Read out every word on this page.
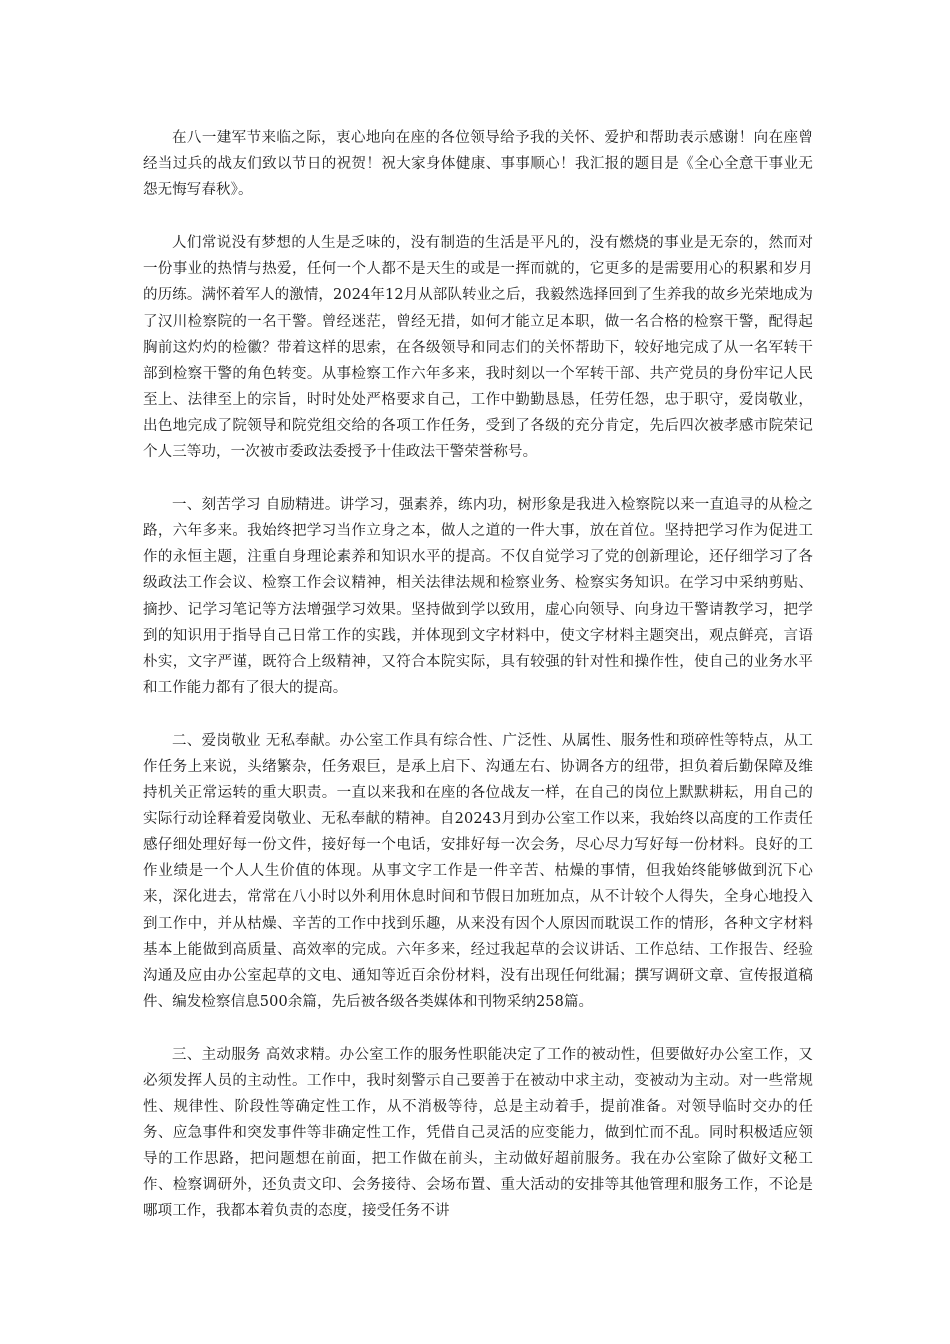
在八一建军节来临之际，衷心地向在座的各位领导给予我的关怀、爱护和帮助表示感谢！向在座曾经当过兵的战友们致以节日的祝贺！祝大家身体健康、事事顺心！我汇报的题目是《全心全意干事业无怨无悔写春秋》。

人们常说没有梦想的人生是乏味的，没有制造的生活是平凡的，没有燃烧的事业是无奈的，然而对一份事业的热情与热爱，任何一个人都不是天生的或是一挥而就的，它更多的是需要用心的积累和岁月的历练。满怀着军人的激情，2024年12月从部队转业之后，我毅然选择回到了生养我的故乡光荣地成为了汉川检察院的一名干警。曾经迷茫，曾经无措，如何才能立足本职，做一名合格的检察干警，配得起胸前这灼灼的检徽？带着这样的思索，在各级领导和同志们的关怀帮助下，较好地完成了从一名军转干部到检察干警的角色转变。从事检察工作六年多来，我时刻以一个军转干部、共产党员的身份牢记人民至上、法律至上的宗旨，时时处处严格要求自己，工作中勤勤恳恳，任劳任怨，忠于职守，爱岗敬业，出色地完成了院领导和院党组交给的各项工作任务，受到了各级的充分肯定，先后四次被孝感市院荣记个人三等功，一次被市委政法委授予十佳政法干警荣誉称号。

一、刻苦学习 自励精进。讲学习，强素养，练内功，树形象是我进入检察院以来一直追寻的从检之路，六年多来。我始终把学习当作立身之本，做人之道的一件大事，放在首位。坚持把学习作为促进工作的永恒主题，注重自身理论素养和知识水平的提高。不仅自觉学习了党的创新理论，还仔细学习了各级政法工作会议、检察工作会议精神，相关法律法规和检察业务、检察实务知识。在学习中采纳剪贴、摘抄、记学习笔记等方法增强学习效果。坚持做到学以致用，虚心向领导、向身边干警请教学习，把学到的知识用于指导自己日常工作的实践，并体现到文字材料中，使文字材料主题突出，观点鲜亮，言语朴实，文字严谨，既符合上级精神，又符合本院实际，具有较强的针对性和操作性，使自己的业务水平和工作能力都有了很大的提高。

二、爱岗敬业 无私奉献。办公室工作具有综合性、广泛性、从属性、服务性和琐碎性等特点，从工作任务上来说，头绪繁杂，任务艰巨，是承上启下、沟通左右、协调各方的纽带，担负着后勤保障及维持机关正常运转的重大职责。一直以来我和在座的各位战友一样，在自己的岗位上默默耕耘，用自己的实际行动诠释着爱岗敬业、无私奉献的精神。自20243月到办公室工作以来，我始终以高度的工作责任感仔细处理好每一份文件，接好每一个电话，安排好每一次会务，尽心尽力写好每一份材料。良好的工作业绩是一个人人生价值的体现。从事文字工作是一件辛苦、枯燥的事情，但我始终能够做到沉下心来，深化进去，常常在八小时以外利用休息时间和节假日加班加点，从不计较个人得失，全身心地投入到工作中，并从枯燥、辛苦的工作中找到乐趣，从来没有因个人原因而耽误工作的情形，各种文字材料基本上能做到高质量、高效率的完成。六年多来，经过我起草的会议讲话、工作总结、工作报告、经验沟通及应由办公室起草的文电、通知等近百余份材料，没有出现任何纰漏；撰写调研文章、宣传报道稿件、编发检察信息500余篇，先后被各级各类媒体和刊物采纳258篇。

三、主动服务 高效求精。办公室工作的服务性职能决定了工作的被动性，但要做好办公室工作，又必须发挥人员的主动性。工作中，我时刻警示自己要善于在被动中求主动，变被动为主动。对一些常规性、规律性、阶段性等确定性工作，从不消极等待，总是主动着手，提前准备。对领导临时交办的任务、应急事件和突发事件等非确定性工作，凭借自己灵活的应变能力，做到忙而不乱。同时积极适应领导的工作思路，把问题想在前面，把工作做在前头，主动做好超前服务。我在办公室除了做好文秘工作、检察调研外，还负责文印、会务接待、会场布置、重大活动的安排等其他管理和服务工作，不论是哪项工作，我都本着负责的态度，接受任务不讲
